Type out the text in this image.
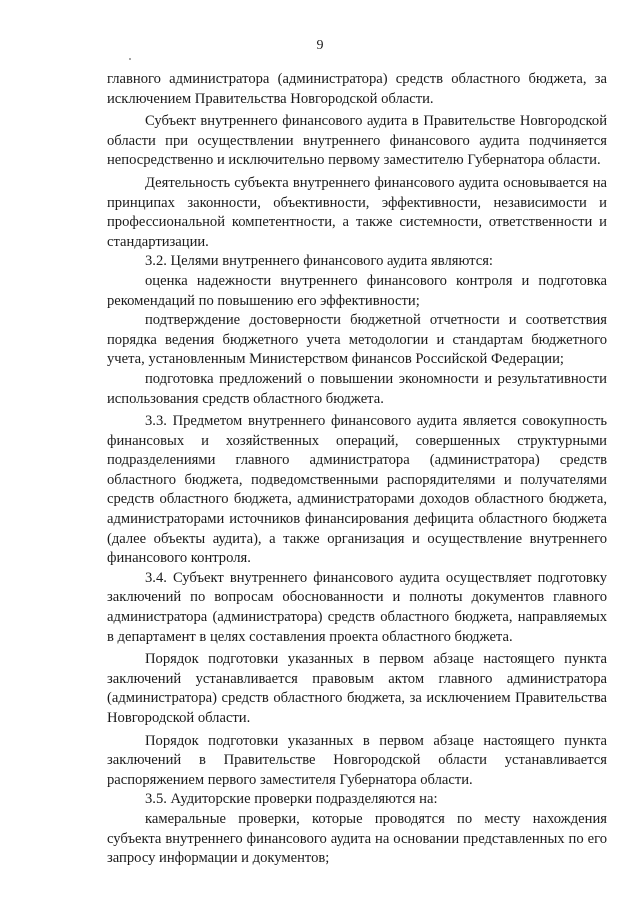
9

главного администратора (администратора) средств областного бюджета, за исключением Правительства Новгородской области.

Субъект внутреннего финансового аудита в Правительстве Новгородской области при осуществлении внутреннего финансового аудита подчиняется непосредственно и исключительно первому заместителю Губернатора области.

Деятельность субъекта внутреннего финансового аудита основывается на принципах законности, объективности, эффективности, независимости и профессиональной компетентности, а также системности, ответственности и стандартизации.

3.2. Целями внутреннего финансового аудита являются:

оценка надежности внутреннего финансового контроля и подготовка рекомендаций по повышению его эффективности;

подтверждение достоверности бюджетной отчетности и соответствия порядка ведения бюджетного учета методологии и стандартам бюджетного учета, установленным Министерством финансов Российской Федерации;

подготовка предложений о повышении экономности и результативности использования средств областного бюджета.

3.3. Предметом внутреннего финансового аудита является совокупность финансовых и хозяйственных операций, совершенных структурными подразделениями главного администратора (администратора) средств областного бюджета, подведомственными распорядителями и получателями средств областного бюджета, администраторами доходов областного бюджета, администраторами источников финансирования дефицита областного бюджета (далее объекты аудита), а также организация и осуществление внутреннего финансового контроля.

3.4. Субъект внутреннего финансового аудита осуществляет подготовку заключений по вопросам обоснованности и полноты документов главного администратора (администратора) средств областного бюджета, направляемых в департамент в целях составления проекта областного бюджета.

Порядок подготовки указанных в первом абзаце настоящего пункта заключений устанавливается правовым актом главного администратора (администратора) средств областного бюджета, за исключением Правительства Новгородской области.

Порядок подготовки указанных в первом абзаце настоящего пункта заключений в Правительстве Новгородской области устанавливается распоряжением первого заместителя Губернатора области.

3.5. Аудиторские проверки подразделяются на:

камеральные проверки, которые проводятся по месту нахождения субъекта внутреннего финансового аудита на основании представленных по его запросу информации и документов;
